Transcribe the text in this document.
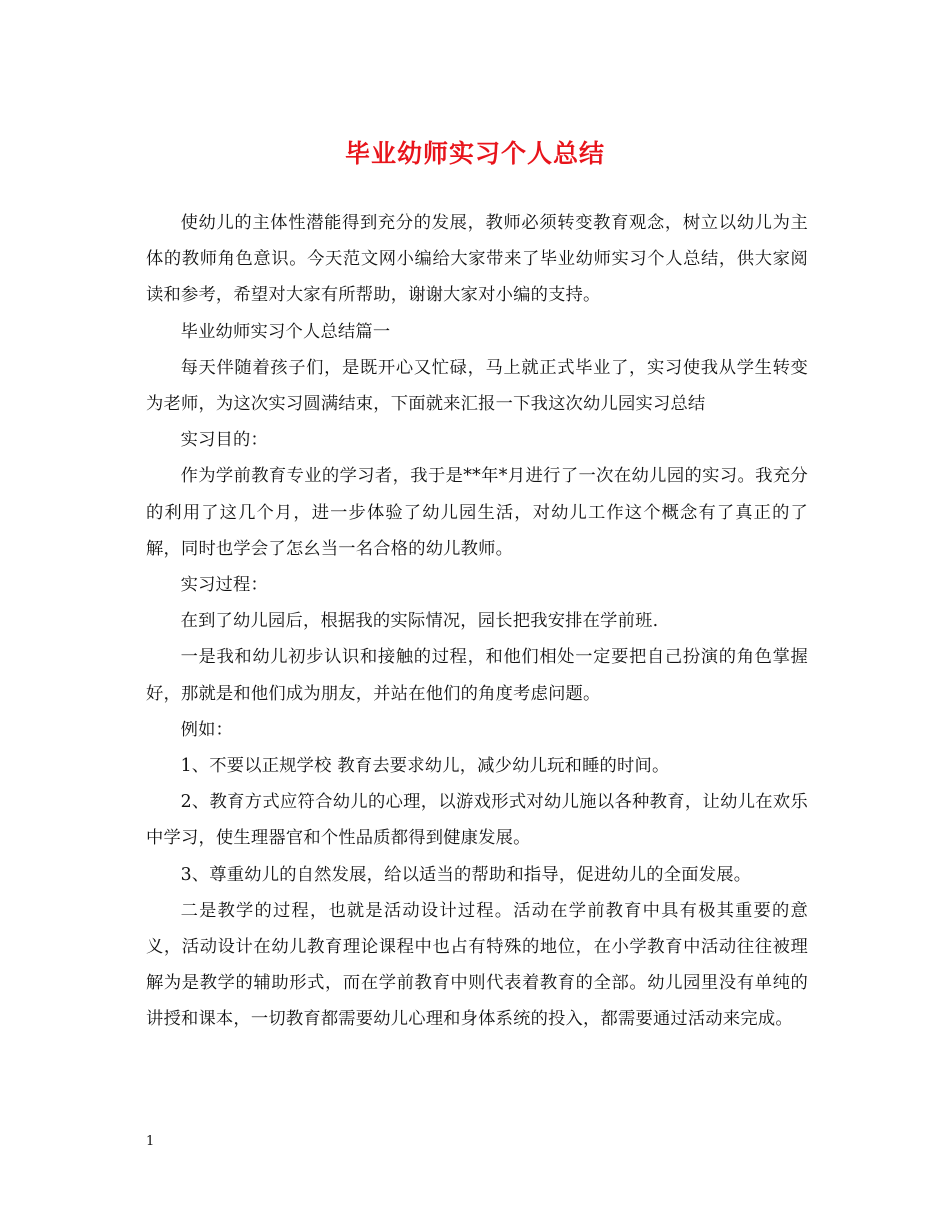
毕业幼师实习个人总结

使幼儿的主体性潜能得到充分的发展，教师必须转变教育观念，树立以幼儿为主体的教师角色意识。今天范文网小编给大家带来了毕业幼师实习个人总结，供大家阅读和参考，希望对大家有所帮助，谢谢大家对小编的支持。

毕业幼师实习个人总结篇一

每天伴随着孩子们，是既开心又忙碌，马上就正式毕业了，实习使我从学生转变为老师，为这次实习圆满结束，下面就来汇报一下我这次幼儿园实习总结

实习目的：

作为学前教育专业的学习者，我于是**年*月进行了一次在幼儿园的实习。我充分的利用了这几个月，进一步体验了幼儿园生活，对幼儿工作这个概念有了真正的了解，同时也学会了怎幺当一名合格的幼儿教师。

实习过程：

在到了幼儿园后，根据我的实际情况，园长把我安排在学前班.

一是我和幼儿初步认识和接触的过程，和他们相处一定要把自己扮演的角色掌握好，那就是和他们成为朋友，并站在他们的角度考虑问题。

例如：

1、不要以正规学校 教育去要求幼儿，减少幼儿玩和睡的时间。

2、教育方式应符合幼儿的心理，以游戏形式对幼儿施以各种教育，让幼儿在欢乐中学习，使生理器官和个性品质都得到健康发展。

3、尊重幼儿的自然发展，给以适当的帮助和指导，促进幼儿的全面发展。

二是教学的过程，也就是活动设计过程。活动在学前教育中具有极其重要的意义，活动设计在幼儿教育理论课程中也占有特殊的地位，在小学教育中活动往往被理解为是教学的辅助形式，而在学前教育中则代表着教育的全部。幼儿园里没有单纯的讲授和课本，一切教育都需要幼儿心理和身体系统的投入，都需要通过活动来完成。

1
